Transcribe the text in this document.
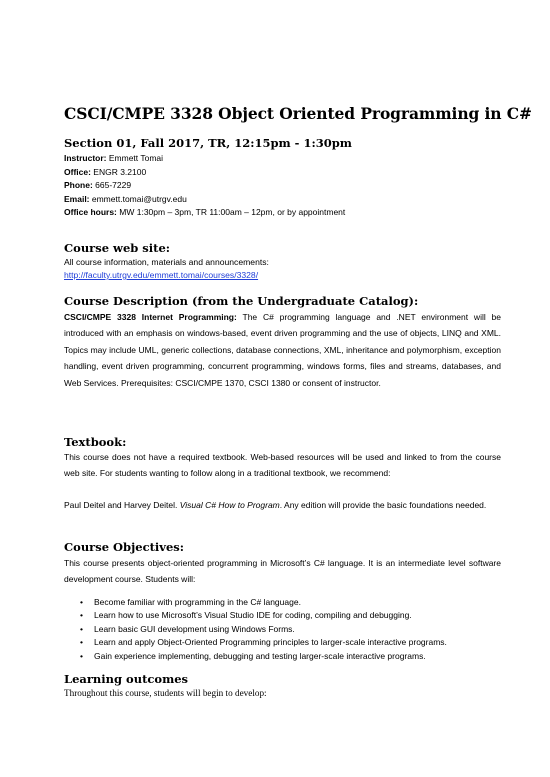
CSCI/CMPE 3328 Object Oriented Programming in C#
Section 01, Fall 2017, TR, 12:15pm - 1:30pm
Instructor: Emmett Tomai
Office: ENGR 3.2100
Phone: 665-7229
Email: emmett.tomai@utrgv.edu
Office hours: MW 1:30pm – 3pm, TR 11:00am – 12pm, or by appointment
Course web site:
All course information, materials and announcements:
http://faculty.utrgv.edu/emmett.tomai/courses/3328/
Course Description (from the Undergraduate Catalog):
CSCI/CMPE 3328 Internet Programming: The C# programming language and .NET environment will be introduced with an emphasis on windows-based, event driven programming and the use of objects, LINQ and XML. Topics may include UML, generic collections, database connections, XML, inheritance and polymorphism, exception handling, event driven programming, concurrent programming, windows forms, files and streams, databases, and Web Services. Prerequisites: CSCI/CMPE 1370, CSCI 1380 or consent of instructor.
Textbook:
This course does not have a required textbook. Web-based resources will be used and linked to from the course web site. For students wanting to follow along in a traditional textbook, we recommend:
Paul Deitel and Harvey Deitel. Visual C# How to Program. Any edition will provide the basic foundations needed.
Course Objectives:
This course presents object-oriented programming in Microsoft’s C# language. It is an intermediate level software development course. Students will:
• Become familiar with programming in the C# language.
• Learn how to use Microsoft’s Visual Studio IDE for coding, compiling and debugging.
• Learn basic GUI development using Windows Forms.
• Learn and apply Object-Oriented Programming principles to larger-scale interactive programs.
• Gain experience implementing, debugging and testing larger-scale interactive programs.
Learning outcomes
Throughout this course, students will begin to develop:
